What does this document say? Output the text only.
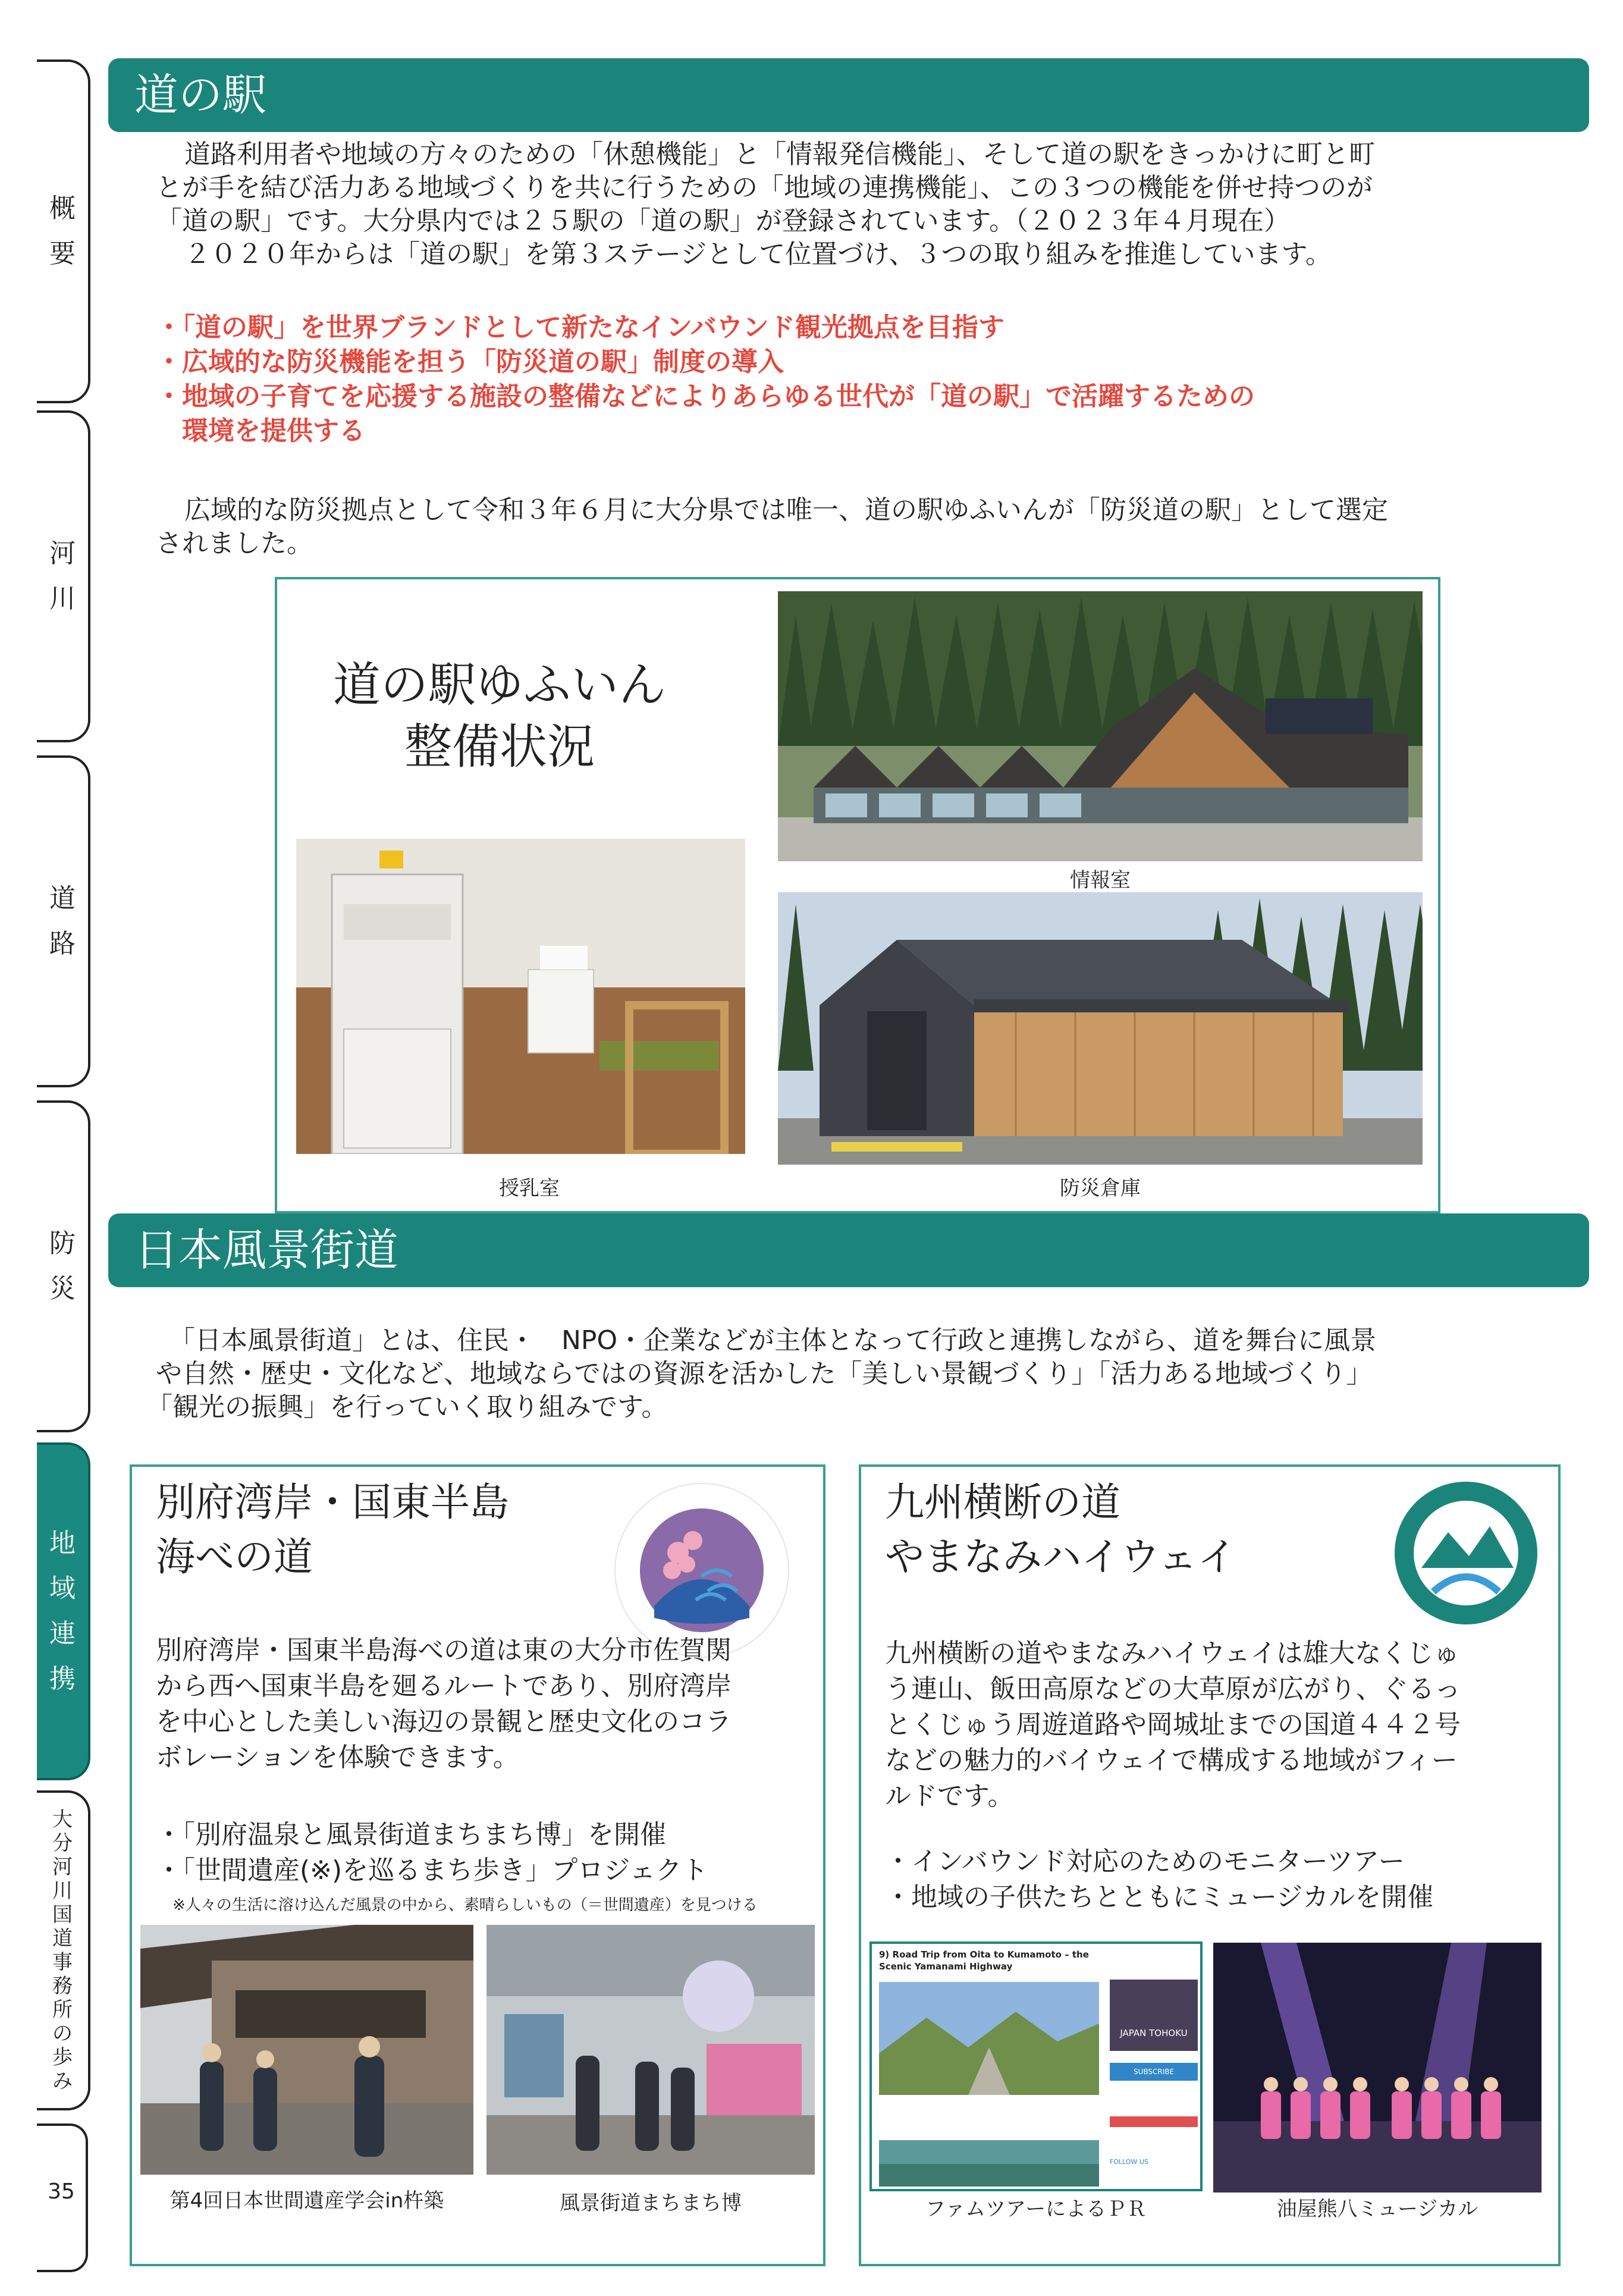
概
要
河
川
道
路
防
災
地
域
連
携
大
分
河
川
国
道
事
務
所
の
歩
み
35
道の駅
道路利用者や地域の方々のための「休憩機能」と「情報発信機能」、そして道の駅をきっかけに町と町
とが手を結び活力ある地域づくりを共に行うための「地域の連携機能」、この３つの機能を併せ持つのが
「道の駅」です。大分県内では２５駅の「道の駅」が登録されています。（２０２３年４月現在）
２０２０年からは「道の駅」を第３ステージとして位置づけ、３つの取り組みを推進しています。
・「道の駅」を世界ブランドとして新たなインバウンド観光拠点を目指す
・広域的な防災機能を担う「防災道の駅」制度の導入
・地域の子育てを応援する施設の整備などによりあらゆる世代が「道の駅」で活躍するための
環境を提供する
広域的な防災拠点として令和３年６月に大分県では唯一、道の駅ゆふいんが「防災道の駅」として選定
されました。
道の駅ゆふいん
整備状況
情報室
授乳室	防災倉庫
日本風景街道
「日本風景街道」とは、住民・　NPO・企業などが主体となって行政と連携しながら、道を舞台に風景
や自然・歴史・文化など、地域ならではの資源を活かした「美しい景観づくり」「活力ある地域づくり」
「観光の振興」を行っていく取り組みです。
別府湾岸・国東半島
海べの道
別府湾岸・国東半島海べの道は東の大分市佐賀関
から西へ国東半島を廻るルートであり、別府湾岸
を中心とした美しい海辺の景観と歴史文化のコラ
ボレーションを体験できます。
・「別府温泉と風景街道まちまち博」を開催
・「世間遺産(※)を巡るまち歩き」プロジェクト
※人々の生活に溶け込んだ風景の中から、素晴らしいもの（＝世間遺産）を見つける
第4回日本世間遺産学会in杵築	風景街道まちまち博
九州横断の道
やまなみハイウェイ
九州横断の道やまなみハイウェイは雄大なくじゅ
う連山、飯田高原などの大草原が広がり、ぐるっ
とくじゅう周遊道路や岡城址までの国道４４２号
などの魅力的バイウェイで構成する地域がフィー
ルドです。
・インバウンド対応のためのモニターツアー
・地域の子供たちとともにミュージカルを開催
9) Road Trip from Oita to Kumamoto – the Scenic Yamanami Highway
JAPAN TOHOKU
SUBSCRIBE
FOLLOW US
ファムツアーによるＰＲ	油屋熊八ミュージカル
